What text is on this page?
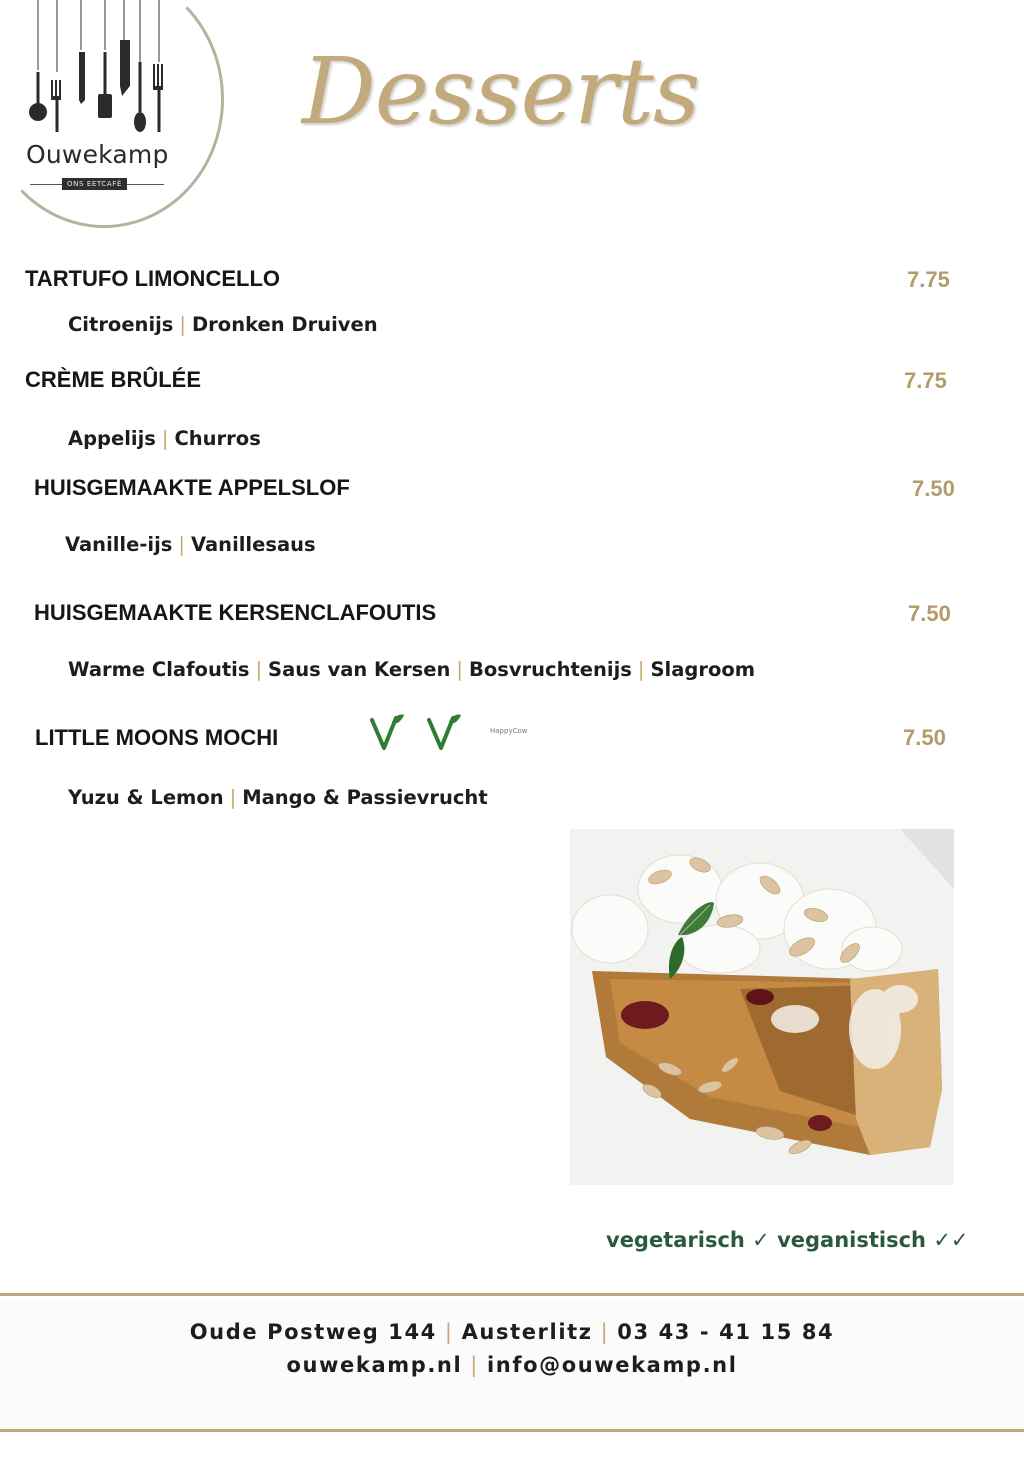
Ouwekamp
ONS EETCAFÉ
Desserts
TARTUFO LIMONCELLO	7.75
Citroenijs | Dronken Druiven
CRÈME BRÛLÉE	7.75
Appelijs | Churros
HUISGEMAAKTE APPELSLOF	7.50
Vanille-ijs | Vanillesaus
HUISGEMAAKTE KERSENCLAFOUTIS	7.50
Warme Clafoutis | Saus van Kersen | Bosvruchtenijs | Slagroom
LITTLE MOONS MOCHI	HappyCow	7.50
Yuzu & Lemon | Mango & Passievrucht
vegetarisch ✓ veganistisch ✓✓
Oude Postweg 144 | Austerlitz | 03 43 - 41 15 84
ouwekamp.nl | info@ouwekamp.nl
